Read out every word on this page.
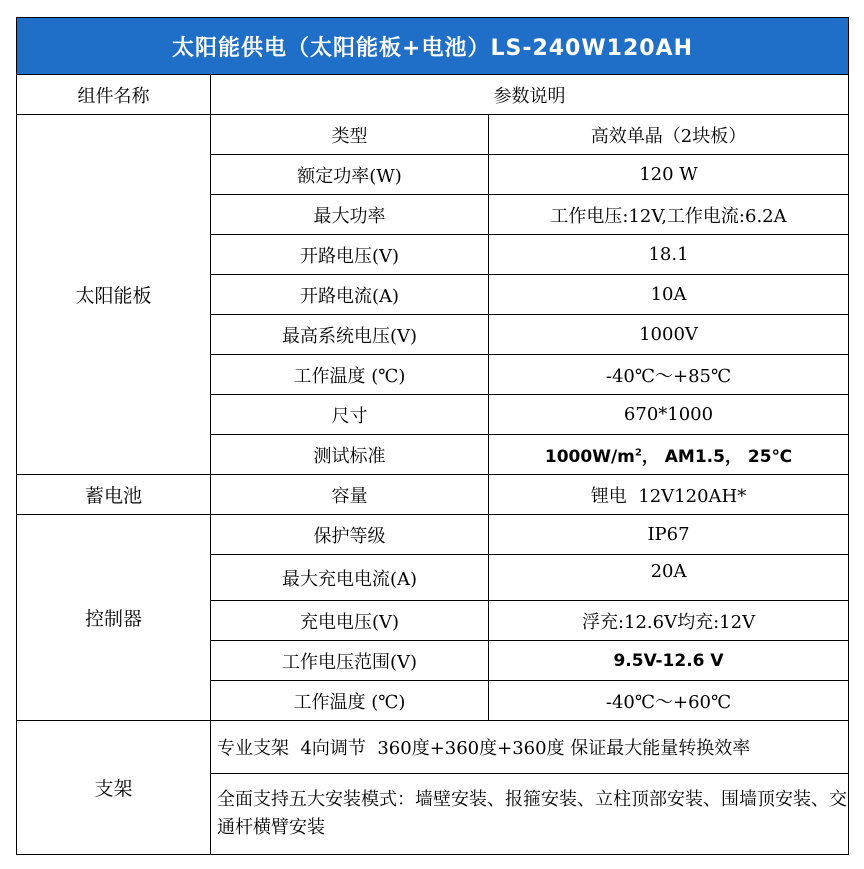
太阳能供电（太阳能板+电池）LS-240W120AH		
组件名称	参数说明	
太阳能板	类型	高效单晶（2块板）
	额定功率(W)	120 W
	最大功率	工作电压:12V,工作电流:6.2A
	开路电压(V)	18.1
	开路电流(A)	10A
	最高系统电压(V)	1000V
	工作温度 (℃)	-40℃～+85℃
	尺寸	670*1000
	测试标准	$1000W/m^2$， AM1.5， 25℃
蓄电池	容量	锂电  12V120AH*
控制器	保护等级	IP67
	最大充电电流(A)	20A
	充电电压(V)	浮充:12.6V均充:12V
	工作电压范围(V)	9.5V-12.6 V
	工作温度 (℃)	-40℃～+60℃
支架	专业支架  4向调节  360度+360度+360度 保证最大能量转换效率	
	全面支持五大安装模式：墙壁安装、报箍安装、立柱顶部安装、围墙顶安装、交通杆横臂安装	
